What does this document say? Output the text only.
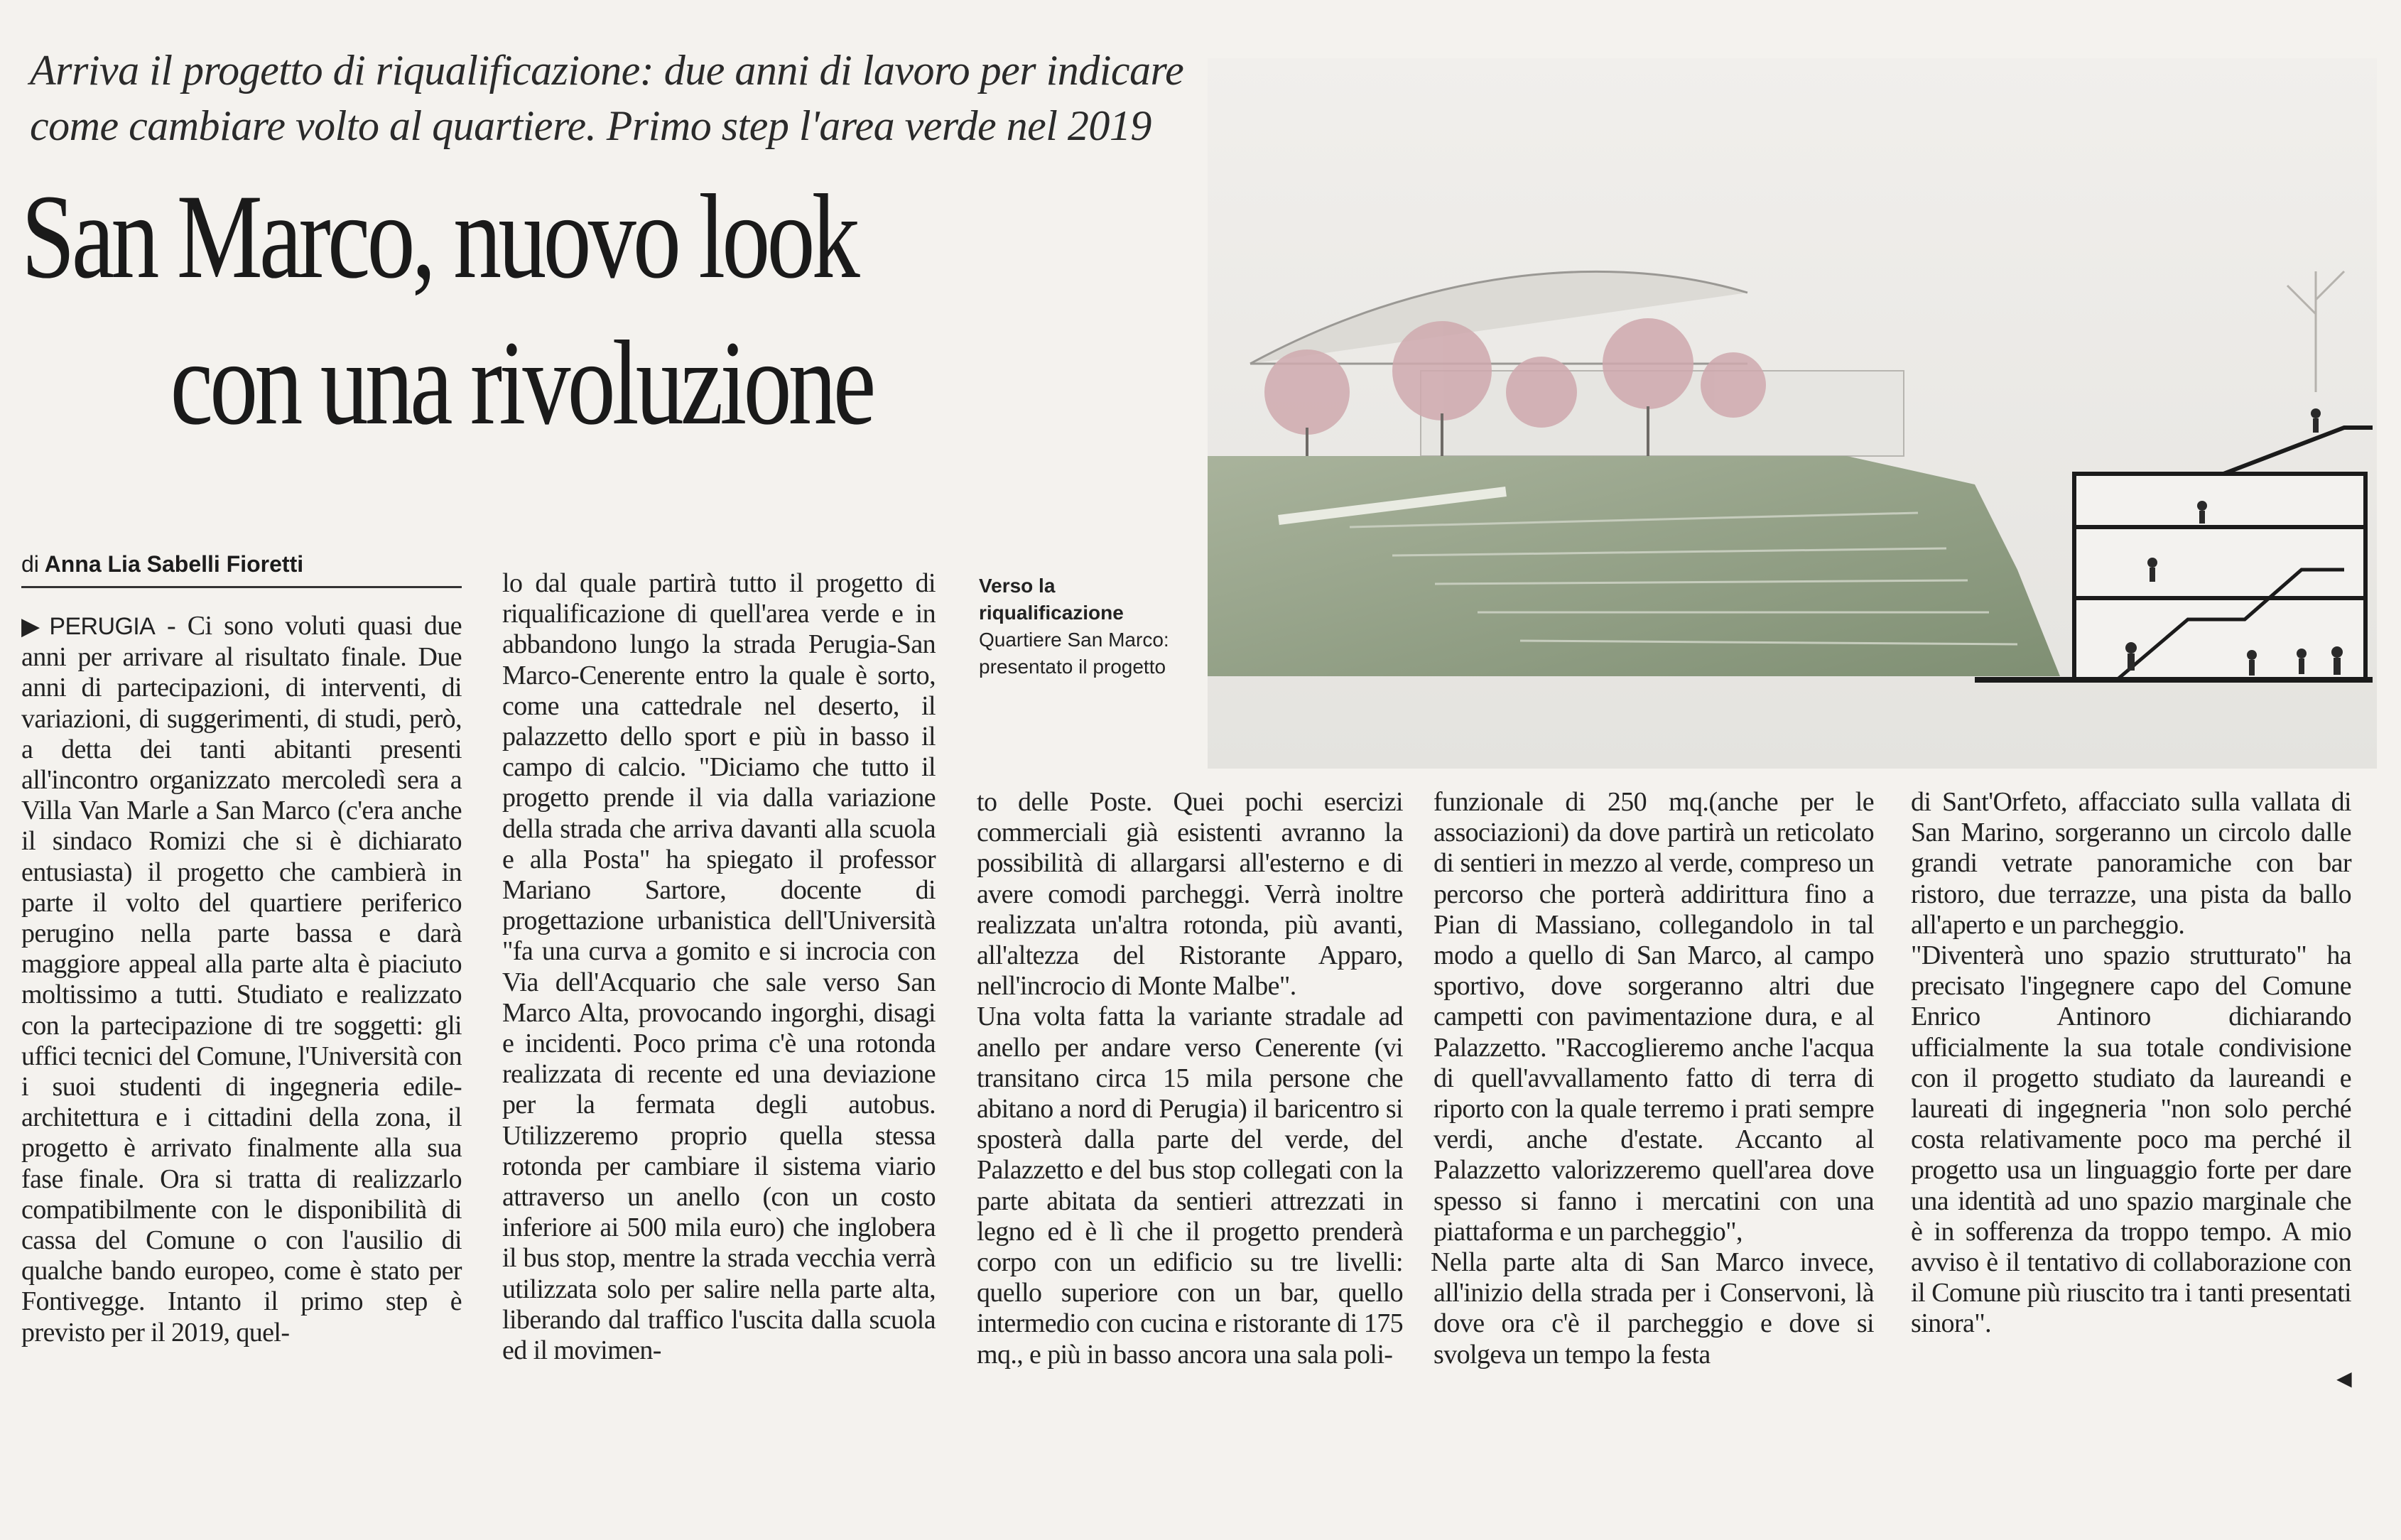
Arriva il progetto di riqualificazione: due anni di lavoro per indicare come cambiare volto al quartiere. Primo step l'area verde nel 2019
San Marco, nuovo look
con una rivoluzione
di Anna Lia Sabelli Fioretti
Verso la riqualificazione
Quartiere San Marco: presentato il progetto

▶ PERUGIA - Ci sono voluti quasi due anni per arrivare al risultato finale. Due anni di partecipazioni, di interventi, di variazioni, di suggerimenti, di studi, però, a detta dei tanti abitanti presenti all'incontro organizzato mercoledì sera a Villa Van Marle a San Marco (c'era anche il sindaco Romizi che si è dichiarato entusiasta) il progetto che cambierà in parte il volto del quartiere periferico perugino nella parte bassa e darà maggiore appeal alla parte alta è piaciuto moltissimo a tutti. Studiato e realizzato con la partecipazione di tre soggetti: gli uffici tecnici del Comune, l'Università con i suoi studenti di ingegneria edile-architettura e i cittadini della zona, il progetto è arrivato finalmente alla sua fase finale. Ora si tratta di realizzarlo compatibilmente con le disponibilità di cassa del Comune o con l'ausilio di qualche bando europeo, come è stato per Fontivegge. Intanto il primo step è previsto per il 2019, quel-

lo dal quale partirà tutto il progetto di riqualificazione di quell'area verde e in abbandono lungo la strada Perugia-San Marco-Cenerente entro la quale è sorto, come una cattedrale nel deserto, il palazzetto dello sport e più in basso il campo di calcio. "Diciamo che tutto il progetto prende il via dalla variazione della strada che arriva davanti alla scuola e alla Posta" ha spiegato il professor Mariano Sartore, docente di progettazione urbanistica dell'Università "fa una curva a gomito e si incrocia con Via dell'Acquario che sale verso San Marco Alta, provocando ingorghi, disagi e incidenti. Poco prima c'è una rotonda realizzata di recente ed una deviazione per la fermata degli autobus. Utilizzeremo proprio quella stessa rotonda per cambiare il sistema viario attraverso un anello (con un costo inferiore ai 500 mila euro) che inglobera il bus stop, mentre la strada vecchia verrà utilizzata solo per salire nella parte alta, liberando dal traffico l'uscita dalla scuola ed il movimen-

to delle Poste. Quei pochi esercizi commerciali già esistenti avranno la possibilità di allargarsi all'esterno e di avere comodi parcheggi. Verrà inoltre realizzata un'altra rotonda, più avanti, all'altezza del Ristorante Apparo, nell'incrocio di Monte Malbe".

Una volta fatta la variante stradale ad anello per andare verso Cenerente (vi transitano circa 15 mila persone che abitano a nord di Perugia) il baricentro si sposterà dalla parte del verde, del Palazzetto e del bus stop collegati con la parte abitata da sentieri attrezzati in legno ed è lì che il progetto prenderà corpo con un edificio su tre livelli: quello superiore con un bar, quello intermedio con cucina e ristorante di 175 mq., e più in basso ancora una sala poli-

funzionale di 250 mq.(anche per le associazioni) da dove partirà un reticolato di sentieri in mezzo al verde, compreso un percorso che porterà addirittura fino a Pian di Massiano, collegandolo in tal modo a quello di San Marco, al campo sportivo, dove sorgeranno altri due campetti con pavimentazione dura, e al Palazzetto. "Raccoglieremo anche l'acqua di quell'avvallamento fatto di terra di riporto con la quale terremo i prati sempre verdi, anche d'estate. Accanto al Palazzetto valorizzeremo quell'area dove spesso si fanno i mercatini con una piattaforma e un parcheggio",

Nella parte alta di San Marco invece, all'inizio della strada per i Conservoni, là dove ora c'è il parcheggio e dove si svolgeva un tempo la festa

di Sant'Orfeto, affacciato sulla vallata di San Marino, sorgeranno un circolo dalle grandi vetrate panoramiche con bar ristoro, due terrazze, una pista da ballo all'aperto e un parcheggio.

"Diventerà uno spazio strutturato" ha precisato l'ingegnere capo del Comune Enrico Antinoro dichiarando ufficialmente la sua totale condivisione con il progetto studiato da laureandi e laureati di ingegneria "non solo perché costa relativamente poco ma perché il progetto usa un linguaggio forte per dare una identità ad uno spazio marginale che è in sofferenza da troppo tempo. A mio avviso è il tentativo di collaborazione con il Comune più riuscito tra i tanti presentati sinora".

◀
